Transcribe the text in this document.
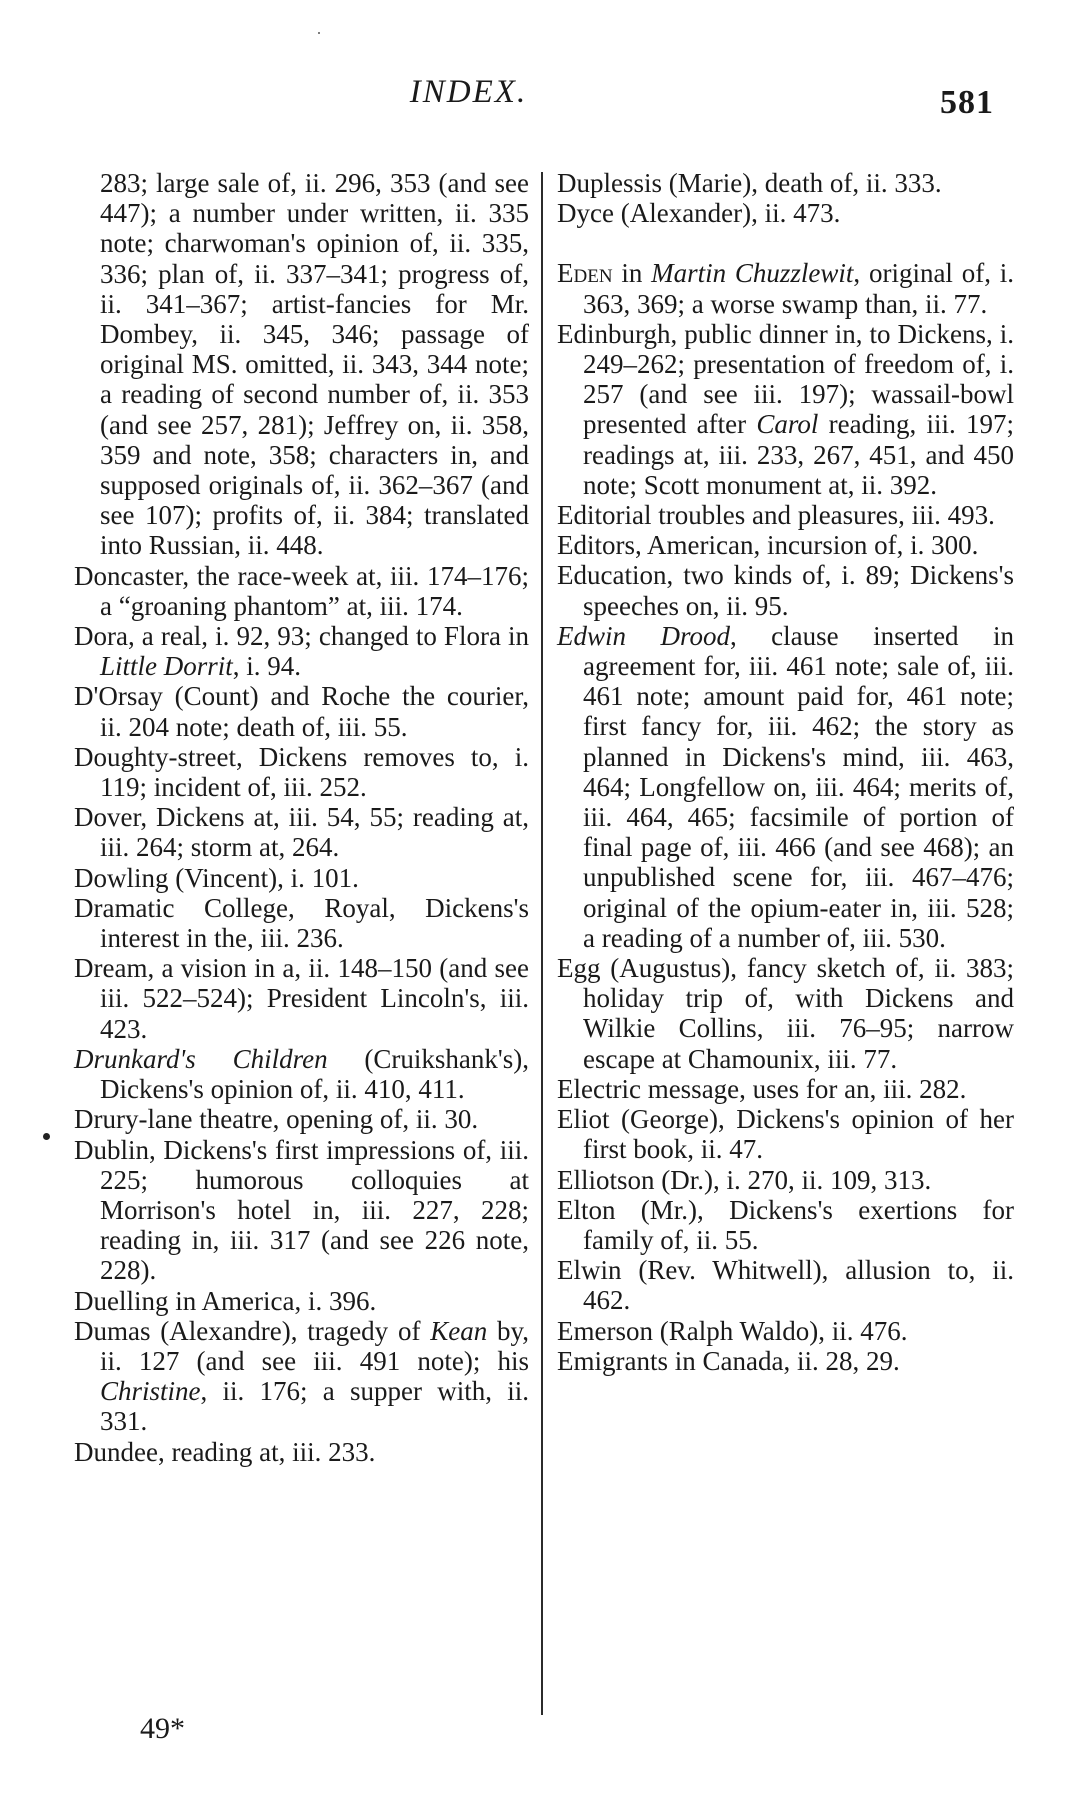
INDEX.	581

283; large sale of, ii. 296, 353 (and see 447); a number under written, ii. 335 note; charwoman's opinion of, ii. 335, 336; plan of, ii. 337–341; progress of, ii. 341–367; artist-fancies for Mr. Dombey, ii. 345, 346; passage of original MS. omitted, ii. 343, 344 note; a reading of second number of, ii. 353 (and see 257, 281); Jeffrey on, ii. 358, 359 and note, 358; characters in, and supposed originals of, ii. 362–367 (and see 107); profits of, ii. 384; translated into Russian, ii. 448.

Doncaster, the race-week at, iii. 174–176; a “groaning phantom” at, iii. 174.

Dora, a real, i. 92, 93; changed to Flora in Little Dorrit, i. 94.

D'Orsay (Count) and Roche the courier, ii. 204 note; death of, iii. 55.

Doughty-street, Dickens removes to, i. 119; incident of, iii. 252.

Dover, Dickens at, iii. 54, 55; reading at, iii. 264; storm at, 264.

Dowling (Vincent), i. 101.

Dramatic College, Royal, Dickens's interest in the, iii. 236.

Dream, a vision in a, ii. 148–150 (and see iii. 522–524); President Lincoln's, iii. 423.

Drunkard's Children (Cruikshank's), Dickens's opinion of, ii. 410, 411.

Drury-lane theatre, opening of, ii. 30.

Dublin, Dickens's first impressions of, iii. 225; humorous colloquies at Morrison's hotel in, iii. 227, 228; reading in, iii. 317 (and see 226 note, 228).

Duelling in America, i. 396.

Dumas (Alexandre), tragedy of Kean by, ii. 127 (and see iii. 491 note); his Christine, ii. 176; a supper with, ii. 331.

Dundee, reading at, iii. 233.

Duplessis (Marie), death of, ii. 333.

Dyce (Alexander), ii. 473.

Eden in Martin Chuzzlewit, original of, i. 363, 369; a worse swamp than, ii. 77.

Edinburgh, public dinner in, to Dickens, i. 249–262; presentation of freedom of, i. 257 (and see iii. 197); wassail-bowl presented after Carol reading, iii. 197; readings at, iii. 233, 267, 451, and 450 note; Scott monument at, ii. 392.

Editorial troubles and pleasures, iii. 493.

Editors, American, incursion of, i. 300.

Education, two kinds of, i. 89; Dickens's speeches on, ii. 95.

Edwin Drood, clause inserted in agreement for, iii. 461 note; sale of, iii. 461 note; amount paid for, 461 note; first fancy for, iii. 462; the story as planned in Dickens's mind, iii. 463, 464; Longfellow on, iii. 464; merits of, iii. 464, 465; facsimile of portion of final page of, iii. 466 (and see 468); an unpublished scene for, iii. 467–476; original of the opium-eater in, iii. 528; a reading of a number of, iii. 530.

Egg (Augustus), fancy sketch of, ii. 383; holiday trip of, with Dickens and Wilkie Collins, iii. 76–95; narrow escape at Chamounix, iii. 77.

Electric message, uses for an, iii. 282.

Eliot (George), Dickens's opinion of her first book, ii. 47.

Elliotson (Dr.), i. 270, ii. 109, 313.

Elton (Mr.), Dickens's exertions for family of, ii. 55.

Elwin (Rev. Whitwell), allusion to, ii. 462.

Emerson (Ralph Waldo), ii. 476.

Emigrants in Canada, ii. 28, 29.

49*
